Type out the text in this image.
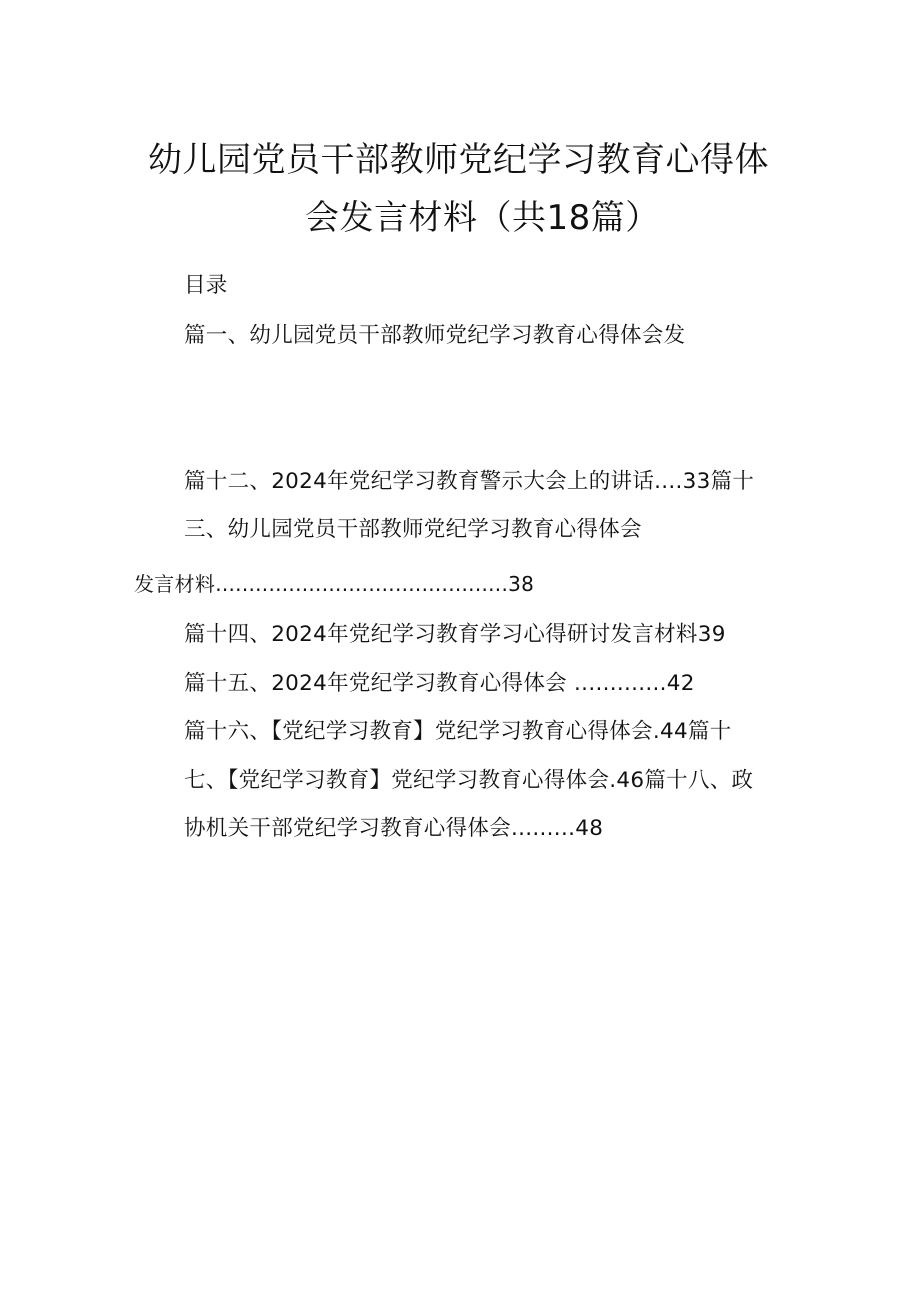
幼儿园党员干部教师党纪学习教育心得体
会发言材料（共18篇）
目录
篇一、幼儿园党员干部教师党纪学习教育心得体会发
篇十二、2024年党纪学习教育警示大会上的讲话....33篇十
三、幼儿园党员干部教师党纪学习教育心得体会
发言材料............................................38
篇十四、2024年党纪学习教育学习心得研讨发言材料39
篇十五、2024年党纪学习教育心得体会 .............42
篇十六、【党纪学习教育】党纪学习教育心得体会.44篇十
七、【党纪学习教育】党纪学习教育心得体会.46篇十八、政
协机关干部党纪学习教育心得体会.........48
